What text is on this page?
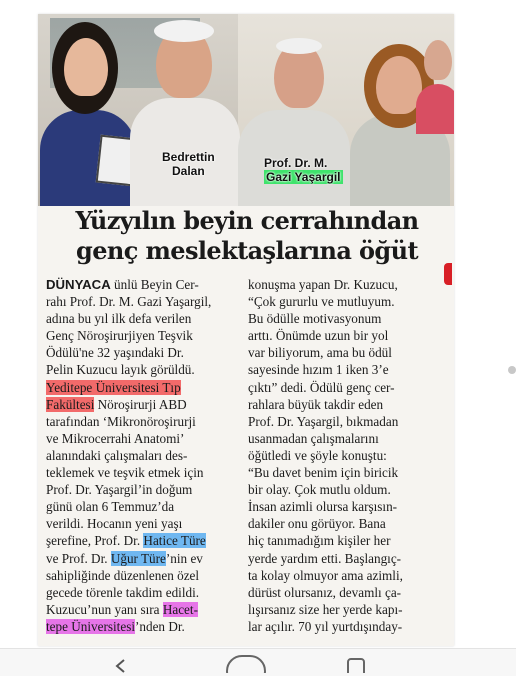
Bedrettin
Dalan
Prof. Dr. M.
Gazi Yaşargil
Yüzyılın beyin cerrahından
genç meslektaşlarına öğüt
DÜNYACA ünlü Beyin Cer-
rahı Prof. Dr. M. Gazi Yaşargil,
adına bu yıl ilk defa verilen
Genç Nöroşirurjiyen Teşvik
Ödülü'ne 32 yaşındaki Dr.
Pelin Kuzucu layık görüldü.
Yeditepe Üniversitesi Tıp
Fakültesi Nöroşirurji ABD
tarafından ‘Mikronöroşirurji
ve Mikrocerrahi Anatomi’
alanındaki çalışmaları des-
teklemek ve teşvik etmek için
Prof. Dr. Yaşargil’in doğum
günü olan 6 Temmuz’da
verildi. Hocanın yeni yaşı
şerefine, Prof. Dr. Hatice Türe
ve Prof. Dr. Uğur Türe’nin ev
sahipliğinde düzenlenen özel
gecede törenle takdim edildi.
Kuzucu’nun yanı sıra Hacet-
tepe Üniversitesi’nden Dr.
konuşma yapan Dr. Kuzucu,
“Çok gururlu ve mutluyum.
Bu ödülle motivasyonum
arttı. Önümde uzun bir yol
var biliyorum, ama bu ödül
sayesinde hızım 1 iken 3’e
çıktı” dedi. Ödülü genç cer-
rahlara büyük takdir eden
Prof. Dr. Yaşargil, bıkmadan
usanmadan çalışmalarını
öğütledi ve şöyle konuştu:
“Bu davet benim için biricik
bir olay. Çok mutlu oldum.
İnsan azimli olursa karşısın-
dakiler onu görüyor. Bana
hiç tanımadığım kişiler her
yerde yardım etti. Başlangıç-
ta kolay olmuyor ama azimli,
dürüst olursanız, devamlı ça-
lışırsanız size her yerde kapı-
lar açılır. 70 yıl yurtdışınday-
